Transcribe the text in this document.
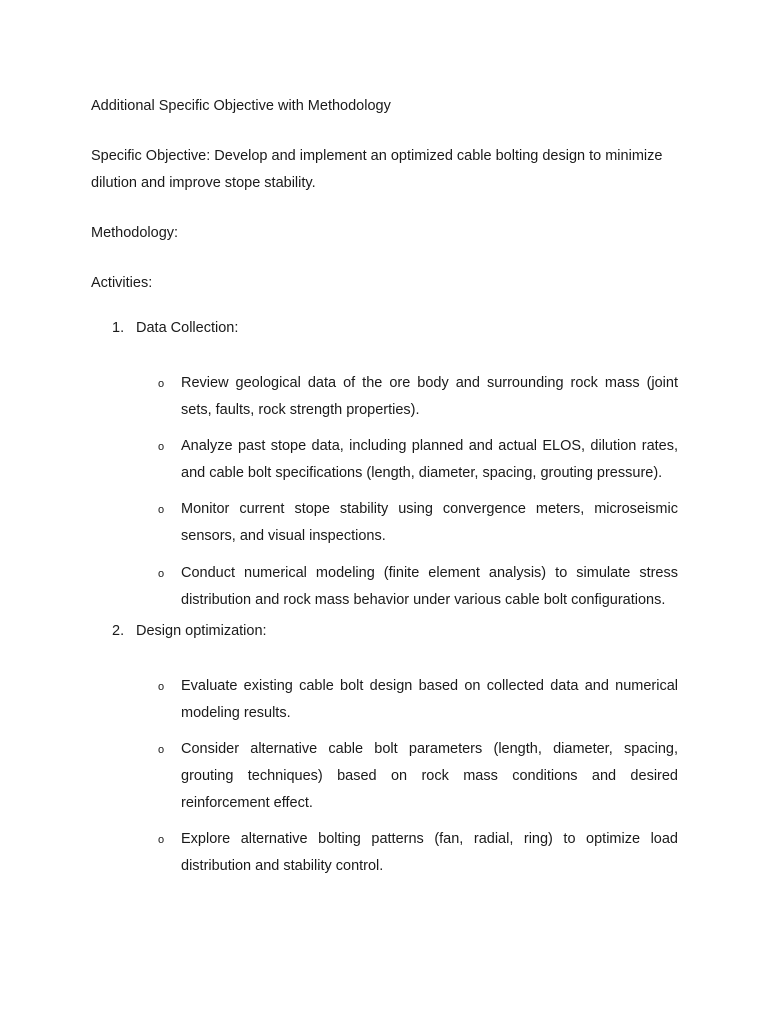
Additional Specific Objective with Methodology
Specific Objective: Develop and implement an optimized cable bolting design to minimize dilution and improve stope stability.
Methodology:
Activities:
1. Data Collection:
o Review geological data of the ore body and surrounding rock mass (joint sets, faults, rock strength properties).
o Analyze past stope data, including planned and actual ELOS, dilution rates, and cable bolt specifications (length, diameter, spacing, grouting pressure).
o Monitor current stope stability using convergence meters, microseismic sensors, and visual inspections.
o Conduct numerical modeling (finite element analysis) to simulate stress distribution and rock mass behavior under various cable bolt configurations.
2. Design optimization:
o Evaluate existing cable bolt design based on collected data and numerical modeling results.
o Consider alternative cable bolt parameters (length, diameter, spacing, grouting techniques) based on rock mass conditions and desired reinforcement effect.
o Explore alternative bolting patterns (fan, radial, ring) to optimize load distribution and stability control.
